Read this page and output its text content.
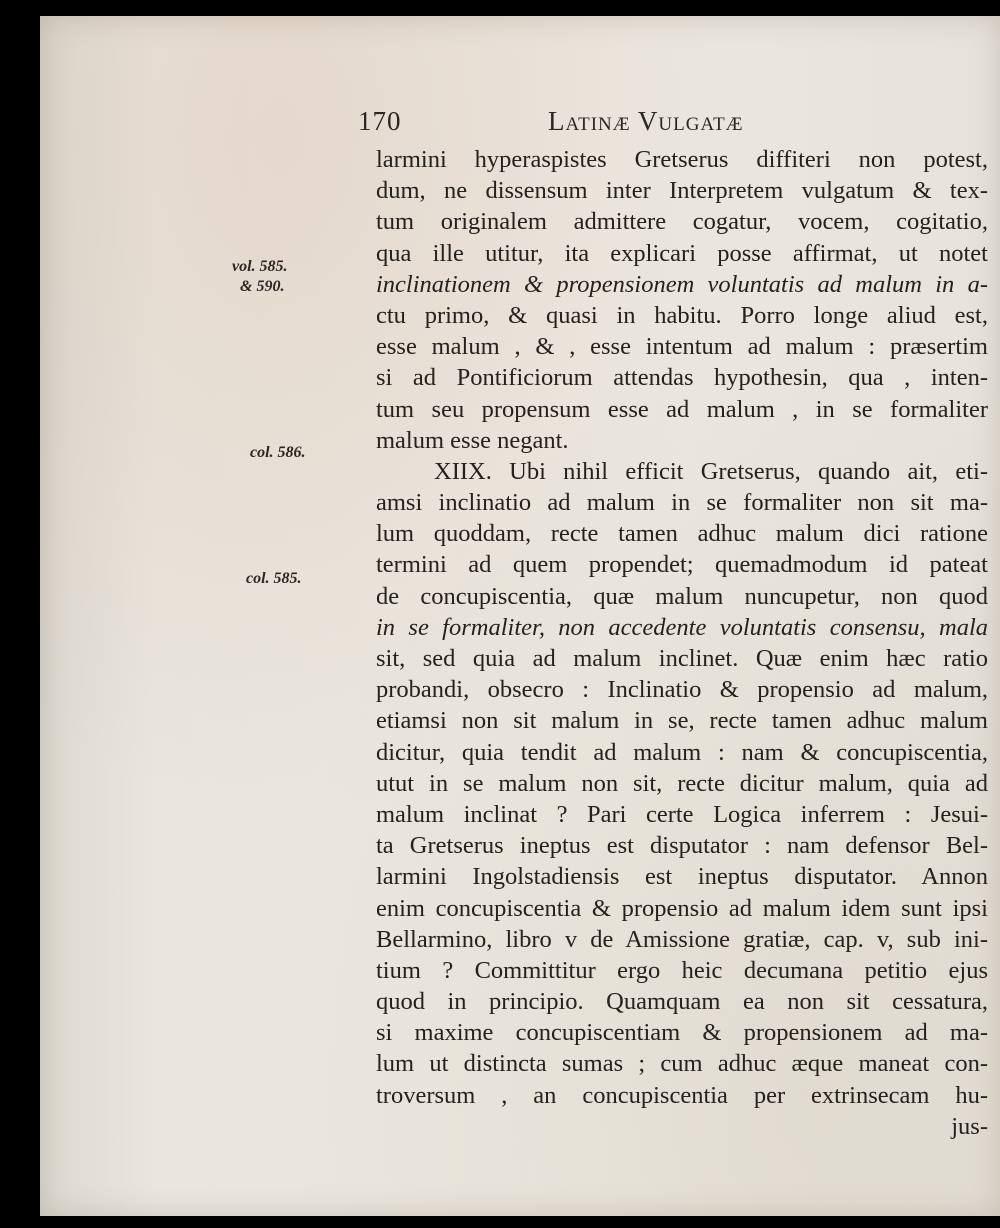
170	Latinæ Vulgatæ
vol. 585.
& 590.
col. 586.
col. 585.
larmini hyperaspistes Gretserus diffiteri non potest,
dum, ne dissensum inter Interpretem vulgatum & tex-
tum originalem admittere cogatur, vocem, cogitatio,
qua ille utitur, ita explicari posse affirmat, ut notet
inclinationem & propensionem voluntatis ad malum in a-
ctu primo, & quasi in habitu. Porro longe aliud est,
esse malum , & , esse intentum ad malum : præsertim
si ad Pontificiorum attendas hypothesin, qua , inten-
tum seu propensum esse ad malum , in se formaliter
malum esse negant.
XIIX. Ubi nihil efficit Gretserus, quando ait, eti-
amsi inclinatio ad malum in se formaliter non sit ma-
lum quoddam, recte tamen adhuc malum dici ratione
termini ad quem propendet; quemadmodum id pateat
de concupiscentia, quæ malum nuncupetur, non quod
in se formaliter, non accedente voluntatis consensu, mala
sit, sed quia ad malum inclinet. Quæ enim hæc ratio
probandi, obsecro : Inclinatio & propensio ad malum,
etiamsi non sit malum in se, recte tamen adhuc malum
dicitur, quia tendit ad malum : nam & concupiscentia,
utut in se malum non sit, recte dicitur malum, quia ad
malum inclinat ? Pari certe Logica inferrem : Jesui-
ta Gretserus ineptus est disputator : nam defensor Bel-
larmini Ingolstadiensis est ineptus disputator. Annon
enim concupiscentia & propensio ad malum idem sunt ipsi
Bellarmino, libro v de Amissione gratiæ, cap. v, sub ini-
tium ? Committitur ergo heic decumana petitio ejus
quod in principio. Quamquam ea non sit cessatura,
si maxime concupiscentiam & propensionem ad ma-
lum ut distincta sumas ; cum adhuc æque maneat con-
troversum , an concupiscentia per extrinsecam hu-
jus-
